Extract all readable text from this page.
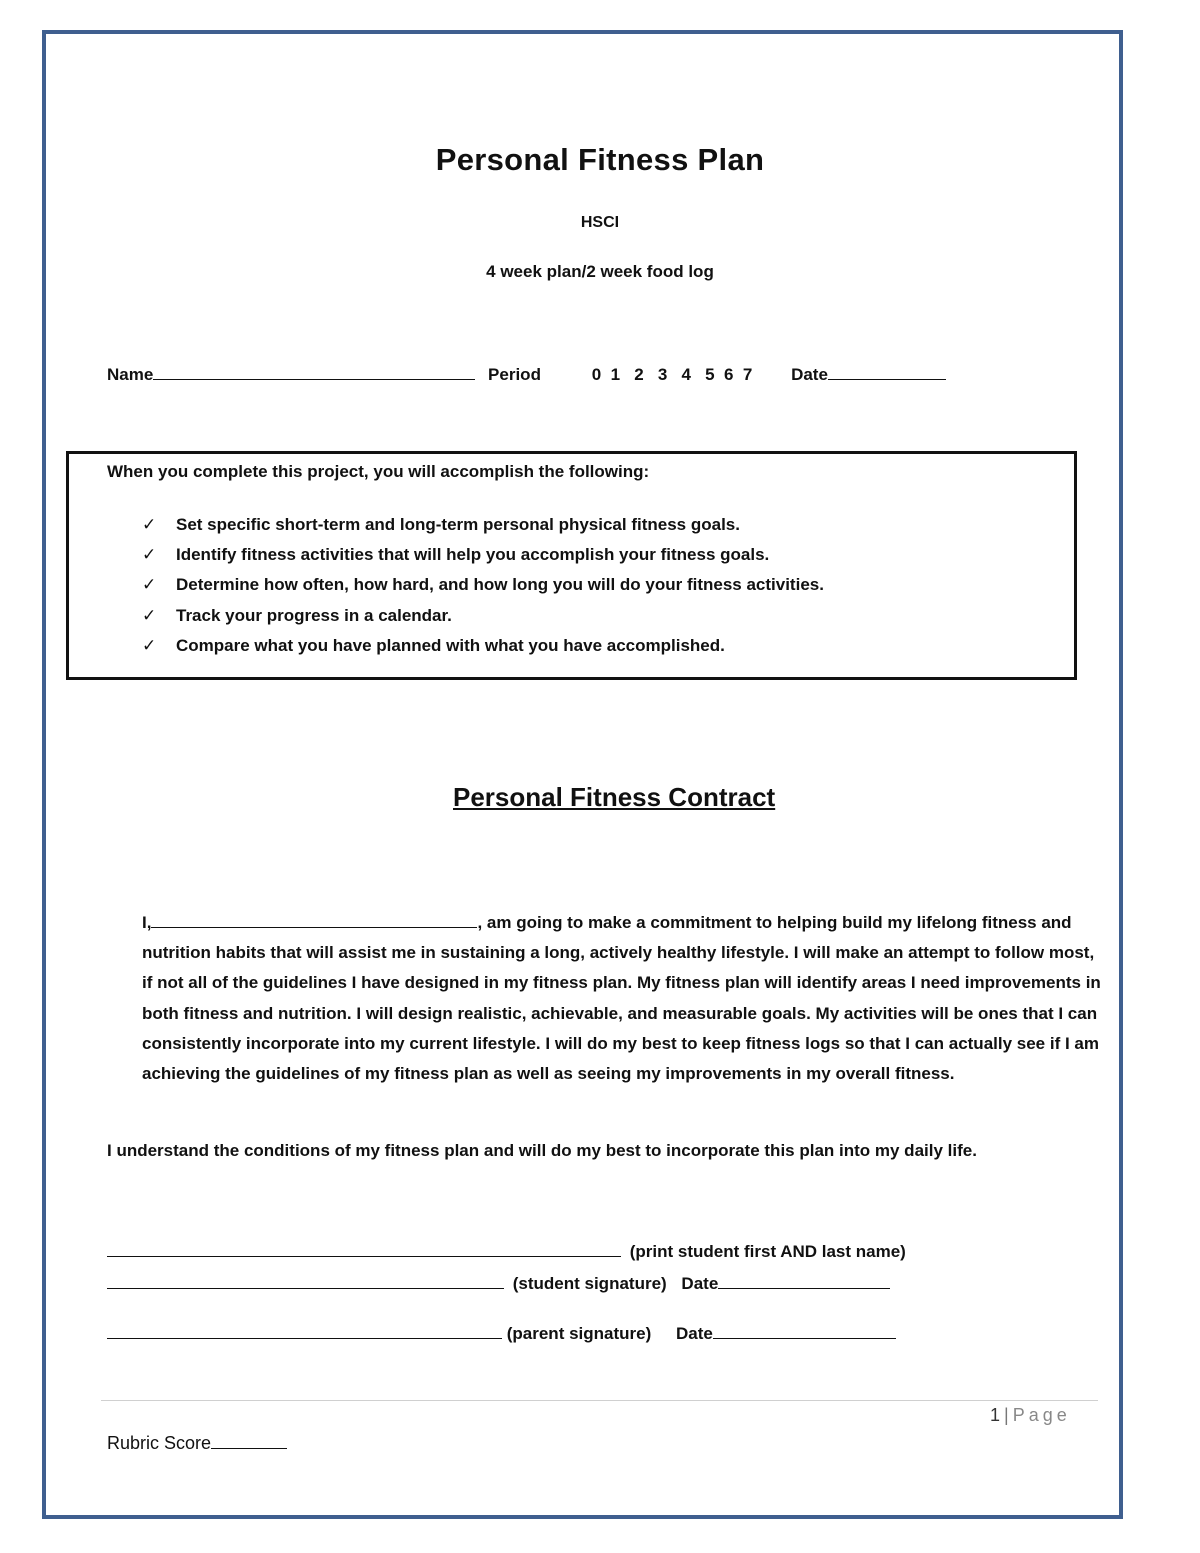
Personal Fitness Plan
HSCI
4 week plan/2 week food log
Name	Period	0  1   2   3   4   5  6  7 Date
When you complete this project, you will accomplish the following:
✓	Set specific short-term and long-term personal physical fitness goals.
✓	Identify fitness activities that will help you accomplish your fitness goals.
✓	Determine how often, how hard, and how long you will do your fitness activities.
✓	Track your progress in a calendar.
✓	Compare what you have planned with what you have accomplished.
Personal Fitness Contract
I,	, am going to make a commitment to helping build my lifelong fitness and nutrition habits that will assist me in sustaining a long, actively healthy lifestyle. I will make an attempt to follow most, if not all of the guidelines I have designed in my fitness plan. My fitness plan will identify areas I need improvements in both fitness and nutrition. I will design realistic, achievable, and measurable goals. My activities will be ones that I can consistently incorporate into my current lifestyle. I will do my best to keep fitness logs so that I can actually see if I am achieving the guidelines of my fitness plan as well as seeing my improvements in my overall fitness.
I understand the conditions of my fitness plan and will do my best to incorporate this plan into my daily life.
(print student first AND last name)
(student signature) Date
(parent signature) Date
1 | Page
Rubric Score
